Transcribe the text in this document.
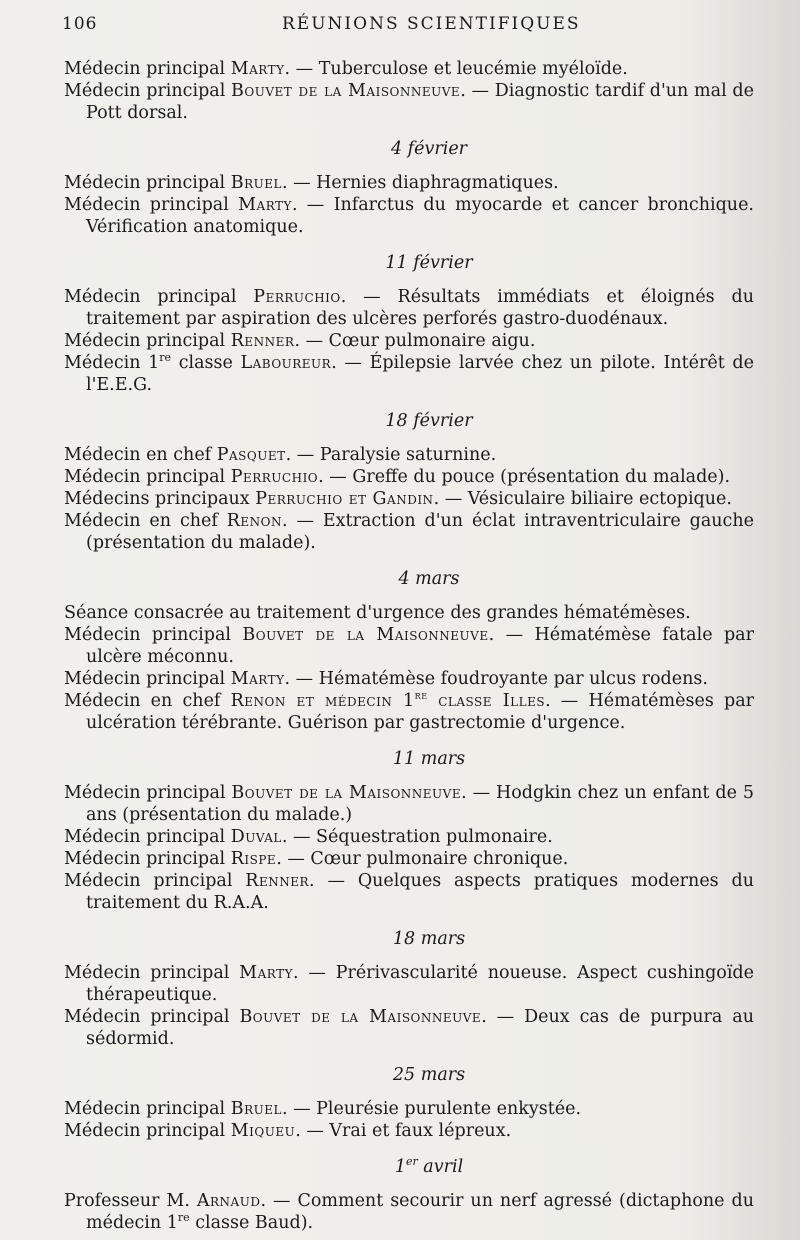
106	RÉUNIONS SCIENTIFIQUES

Médecin principal Marty. — Tuberculose et leucémie myéloïde.

Médecin principal Bouvet de la Maisonneuve. — Diagnostic tardif d'un mal de Pott dorsal.

4 février

Médecin principal Bruel. — Hernies diaphragmatiques.

Médecin principal Marty. — Infarctus du myocarde et cancer bronchique. Vérification anatomique.

11 février

Médecin principal Perruchio. — Résultats immédiats et éloignés du traitement par aspiration des ulcères perforés gastro-duodénaux.

Médecin principal Renner. — Cœur pulmonaire aigu.

Médecin 1re classe Laboureur. — Épilepsie larvée chez un pilote. Intérêt de l'E.E.G.

18 février

Médecin en chef Pasquet. — Paralysie saturnine.

Médecin principal Perruchio. — Greffe du pouce (présentation du malade).

Médecins principaux Perruchio et Gandin. — Vésiculaire biliaire ectopique.

Médecin en chef Renon. — Extraction d'un éclat intraventriculaire gauche (présentation du malade).

4 mars

Séance consacrée au traitement d'urgence des grandes hématémèses.

Médecin principal Bouvet de la Maisonneuve. — Hématémèse fatale par ulcère méconnu.

Médecin principal Marty. — Hématémèse foudroyante par ulcus rodens.

Médecin en chef Renon et médecin 1re classe Illes. — Hématémèses par ulcération térébrante. Guérison par gastrectomie d'urgence.

11 mars

Médecin principal Bouvet de la Maisonneuve. — Hodgkin chez un enfant de 5 ans (présentation du malade.)

Médecin principal Duval. — Séquestration pulmonaire.

Médecin principal Rispe. — Cœur pulmonaire chronique.

Médecin principal Renner. — Quelques aspects pratiques modernes du traitement du R.A.A.

18 mars

Médecin principal Marty. — Prérivascularité noueuse. Aspect cushingoïde thérapeutique.

Médecin principal Bouvet de la Maisonneuve. — Deux cas de purpura au sédormid.

25 mars

Médecin principal Bruel. — Pleurésie purulente enkystée.

Médecin principal Miqueu. — Vrai et faux lépreux.

1er avril

Professeur M. Arnaud. — Comment secourir un nerf agressé (dictaphone du médecin 1re classe Baud).
